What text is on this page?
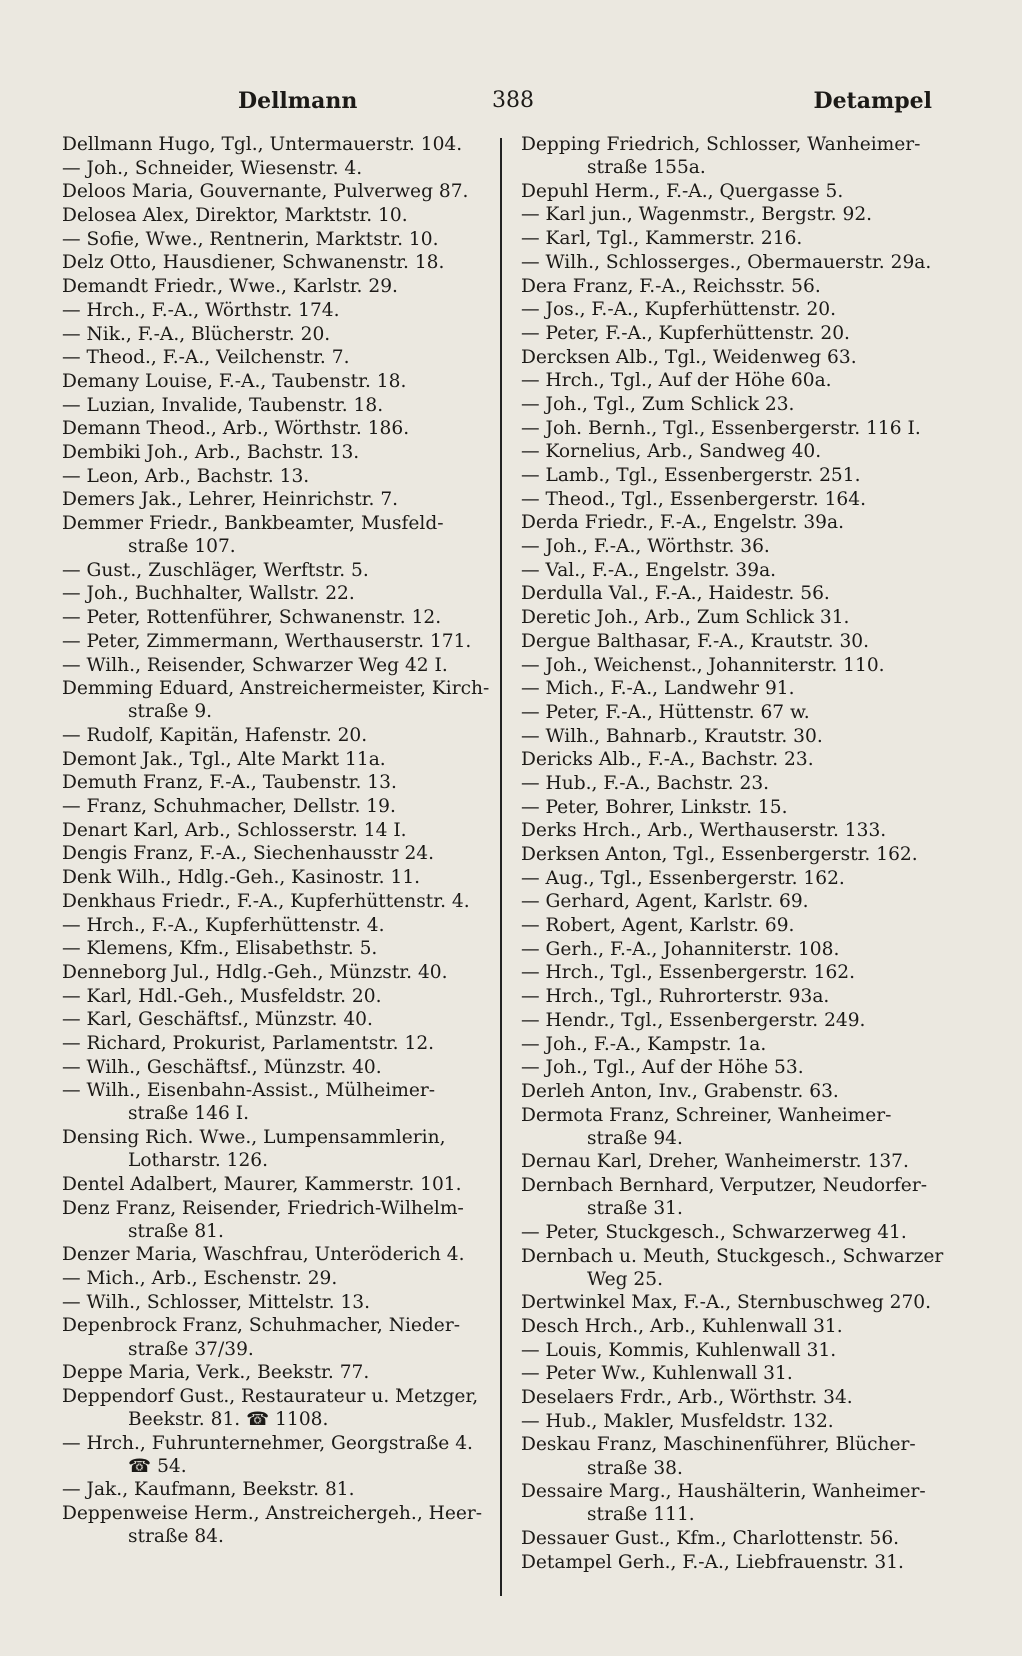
Dellmann	388	Detampel
Dellmann Hugo, Tgl., Untermauerstr. 104.
— Joh., Schneider, Wiesenstr. 4.
Deloos Maria, Gouvernante, Pulverweg 87.
Delosea Alex, Direktor, Marktstr. 10.
— Sofie, Wwe., Rentnerin, Marktstr. 10.
Delz Otto, Hausdiener, Schwanenstr. 18.
Demandt Friedr., Wwe., Karlstr. 29.
— Hrch., F.-A., Wörthstr. 174.
— Nik., F.-A., Blücherstr. 20.
— Theod., F.-A., Veilchenstr. 7.
Demany Louise, F.-A., Taubenstr. 18.
— Luzian, Invalide, Taubenstr. 18.
Demann Theod., Arb., Wörthstr. 186.
Dembiki Joh., Arb., Bachstr. 13.
— Leon, Arb., Bachstr. 13.
Demers Jak., Lehrer, Heinrichstr. 7.
Demmer Friedr., Bankbeamter, Musfeld-
straße 107.
— Gust., Zuschläger, Werftstr. 5.
— Joh., Buchhalter, Wallstr. 22.
— Peter, Rottenführer, Schwanenstr. 12.
— Peter, Zimmermann, Werthauserstr. 171.
— Wilh., Reisender, Schwarzer Weg 42 I.
Demming Eduard, Anstreichermeister, Kirch-
straße 9.
— Rudolf, Kapitän, Hafenstr. 20.
Demont Jak., Tgl., Alte Markt 11a.
Demuth Franz, F.-A., Taubenstr. 13.
— Franz, Schuhmacher, Dellstr. 19.
Denart Karl, Arb., Schlosserstr. 14 I.
Dengis Franz, F.-A., Siechenhausstr 24.
Denk Wilh., Hdlg.-Geh., Kasinostr. 11.
Denkhaus Friedr., F.-A., Kupferhüttenstr. 4.
— Hrch., F.-A., Kupferhüttenstr. 4.
— Klemens, Kfm., Elisabethstr. 5.
Denneborg Jul., Hdlg.-Geh., Münzstr. 40.
— Karl, Hdl.-Geh., Musfeldstr. 20.
— Karl, Geschäftsf., Münzstr. 40.
— Richard, Prokurist, Parlamentstr. 12.
— Wilh., Geschäftsf., Münzstr. 40.
— Wilh., Eisenbahn-Assist., Mülheimer-
straße 146 I.
Densing Rich. Wwe., Lumpensammlerin,
Lotharstr. 126.
Dentel Adalbert, Maurer, Kammerstr. 101.
Denz Franz, Reisender, Friedrich-Wilhelm-
straße 81.
Denzer Maria, Waschfrau, Unteröderich 4.
— Mich., Arb., Eschenstr. 29.
— Wilh., Schlosser, Mittelstr. 13.
Depenbrock Franz, Schuhmacher, Nieder-
straße 37/39.
Deppe Maria, Verk., Beekstr. 77.
Deppendorf Gust., Restaurateur u. Metzger,
Beekstr. 81. ☎ 1108.
— Hrch., Fuhrunternehmer, Georgstraße 4.
☎ 54.
— Jak., Kaufmann, Beekstr. 81.
Deppenweise Herm., Anstreichergeh., Heer-
straße 84.
Depping Friedrich, Schlosser, Wanheimer-
straße 155a.
Depuhl Herm., F.-A., Quergasse 5.
— Karl jun., Wagenmstr., Bergstr. 92.
— Karl, Tgl., Kammerstr. 216.
— Wilh., Schlosserges., Obermauerstr. 29a.
Dera Franz, F.-A., Reichsstr. 56.
— Jos., F.-A., Kupferhüttenstr. 20.
— Peter, F.-A., Kupferhüttenstr. 20.
Dercksen Alb., Tgl., Weidenweg 63.
— Hrch., Tgl., Auf der Höhe 60a.
— Joh., Tgl., Zum Schlick 23.
— Joh. Bernh., Tgl., Essenbergerstr. 116 I.
— Kornelius, Arb., Sandweg 40.
— Lamb., Tgl., Essenbergerstr. 251.
— Theod., Tgl., Essenbergerstr. 164.
Derda Friedr., F.-A., Engelstr. 39a.
— Joh., F.-A., Wörthstr. 36.
— Val., F.-A., Engelstr. 39a.
Derdulla Val., F.-A., Haidestr. 56.
Deretic Joh., Arb., Zum Schlick 31.
Dergue Balthasar, F.-A., Krautstr. 30.
— Joh., Weichenst., Johanniterstr. 110.
— Mich., F.-A., Landwehr 91.
— Peter, F.-A., Hüttenstr. 67 w.
— Wilh., Bahnarb., Krautstr. 30.
Dericks Alb., F.-A., Bachstr. 23.
— Hub., F.-A., Bachstr. 23.
— Peter, Bohrer, Linkstr. 15.
Derks Hrch., Arb., Werthauserstr. 133.
Derksen Anton, Tgl., Essenbergerstr. 162.
— Aug., Tgl., Essenbergerstr. 162.
— Gerhard, Agent, Karlstr. 69.
— Robert, Agent, Karlstr. 69.
— Gerh., F.-A., Johanniterstr. 108.
— Hrch., Tgl., Essenbergerstr. 162.
— Hrch., Tgl., Ruhrorterstr. 93a.
— Hendr., Tgl., Essenbergerstr. 249.
— Joh., F.-A., Kampstr. 1a.
— Joh., Tgl., Auf der Höhe 53.
Derleh Anton, Inv., Grabenstr. 63.
Dermota Franz, Schreiner, Wanheimer-
straße 94.
Dernau Karl, Dreher, Wanheimerstr. 137.
Dernbach Bernhard, Verputzer, Neudorfer-
straße 31.
— Peter, Stuckgesch., Schwarzerweg 41.
Dernbach u. Meuth, Stuckgesch., Schwarzer
Weg 25.
Dertwinkel Max, F.-A., Sternbuschweg 270.
Desch Hrch., Arb., Kuhlenwall 31.
— Louis, Kommis, Kuhlenwall 31.
— Peter Ww., Kuhlenwall 31.
Deselaers Frdr., Arb., Wörthstr. 34.
— Hub., Makler, Musfeldstr. 132.
Deskau Franz, Maschinenführer, Blücher-
straße 38.
Dessaire Marg., Haushälterin, Wanheimer-
straße 111.
Dessauer Gust., Kfm., Charlottenstr. 56.
Detampel Gerh., F.-A., Liebfrauenstr. 31.
